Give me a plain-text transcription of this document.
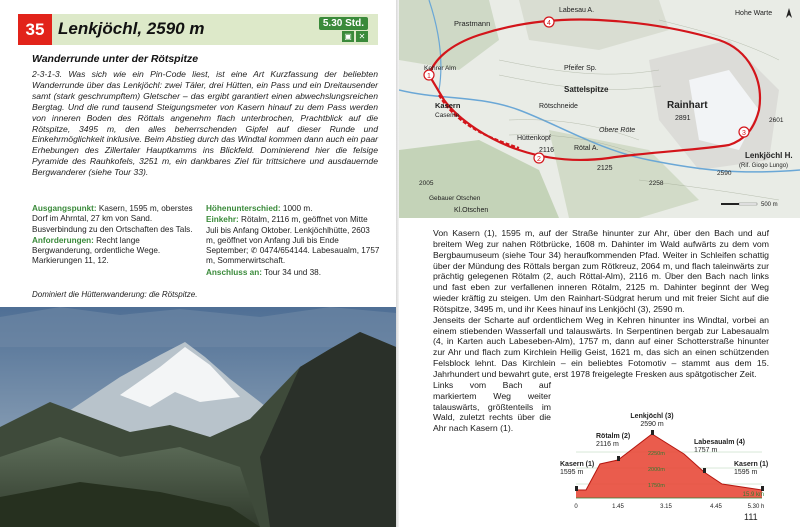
35 Lenkjöchl, 2590 m	5.30 Std.
▣ ✕
Wanderrunde unter der Rötspitze
2-3-1-3. Was sich wie ein Pin-Code liest, ist eine Art Kurzfassung der beliebten Wanderrunde über das Lenkjöchl: zwei Täler, drei Hütten, ein Pass und ein Dreitausender samt (stark geschrumpftem) Gletscher – das ergibt garantiert einen abwechslungsreichen Bergtag. Und die rund tausend Steigungsmeter von Kasern hinauf zu dem Pass werden von inneren Boden des Röttals angenehm flach unterbrochen, Prachtblick auf die Rötspitze, 3495 m, den alles beherrschenden Gipfel auf dieser Runde und Einkehrmöglichkeit inklusive. Beim Abstieg durch das Windtal kommen dann auch ein paar Erhebungen des Zillertaler Hauptkamms ins Blickfeld. Dominierend hier die felsige Pyramide des Rauhkofels, 3251 m, ein dankbares Ziel für trittsichere und ausdauernde Bergwanderer (siehe Tour 33).
Ausgangspunkt: Kasern, 1595 m, oberstes Dorf im Ahrntal, 27 km von Sand. Busverbindung zu den Ortschaften des Tals.
Anforderungen: Recht lange Bergwanderung, ordentliche Wege. Markierungen 11, 12.
Höhenunterschied: 1000 m.
Einkehr: Rötalm, 2116 m, geöffnet von Mitte Juli bis Anfang Oktober. Lenkjöchlhütte, 2603 m, geöffnet von Anfang Juli bis Ende September; ✆ 0474/654144. Labesaualm, 1757 m, Sommerwirtschaft.
Anschluss an: Tour 34 und 38.
Dominiert die Hüttenwanderung: die Rötspitze.
1
2
3
4
Prastmann
Kasern
Caseme
Labesau A.
Pfeifer Sp.
Sattelspitze
Rötschneide
Hüttenkopf
Rainhart
2891
Obere Röte
2116	Rötal A.
2125
Lenkjöchl H.
(Rif. Giogo Lungo)
Hohe Warte
Kehrer Alm
Gebauer Otschen
Kl.Otschen
2005	2258
2590
2601
500 m

Von Kasern (1), 1595 m, auf der Straße hinunter zur Ahr, über den Bach und auf breitem Weg zur nahen Rötbrücke, 1608 m. Dahinter im Wald aufwärts zu dem vom Bergbaumuseum (siehe Tour 34) heraufkommenden Pfad. Weiter in Schleifen schattig über der Mündung des Röttals bergan zum Rötkreuz, 2064 m, und flach taleinwärts zur prächtig gelegenen Rötalm (2, auch Röttal-Alm), 2116 m. Über den Bach nach links und fast eben zur verfallenen inneren Rötalm, 2125 m. Dahinter beginnt der Weg wieder kräftig zu steigen. Um den Rainhart-Südgrat herum und mit freier Sicht auf die Rötspitze, 3495 m, und ihr Kees hinauf ins Lenkjöchl (3), 2590 m.

Jenseits der Scharte auf ordentlichem Weg in Kehren hinunter ins Windtal, vorbei an einem stiebenden Wasserfall und talauswärts. In Serpentinen bergab zur Labesaualm (4, in Karten auch Labeseben-Alm), 1757 m, dann auf einer Schotterstraße hinunter zur Ahr und flach zum Kirchlein Heilig Geist, 1621 m, das sich an einen schützenden Felsblock lehnt. Das Kirchlein – ein beliebtes Fotomotiv – stammt aus dem 15. Jahrhundert und bewahrt gute, erst 1978 freigelegte Fresken aus spätgotischer Zeit.

Links vom Bach auf markiertem Weg weiter talauswärts, größtenteils im Wald, zuletzt rechts über die Ahr nach Kasern (1).

Kasern (1)
1595 m
Rötalm (2)
2116 m
Lenkjöchl (3)
2590 m
Labesaualm (4)
1757 m
Kasern (1)
1595 m
2250m
2000m
1750m
0	1.45	3.15	4.45	5.30 h
15.9 km
111
